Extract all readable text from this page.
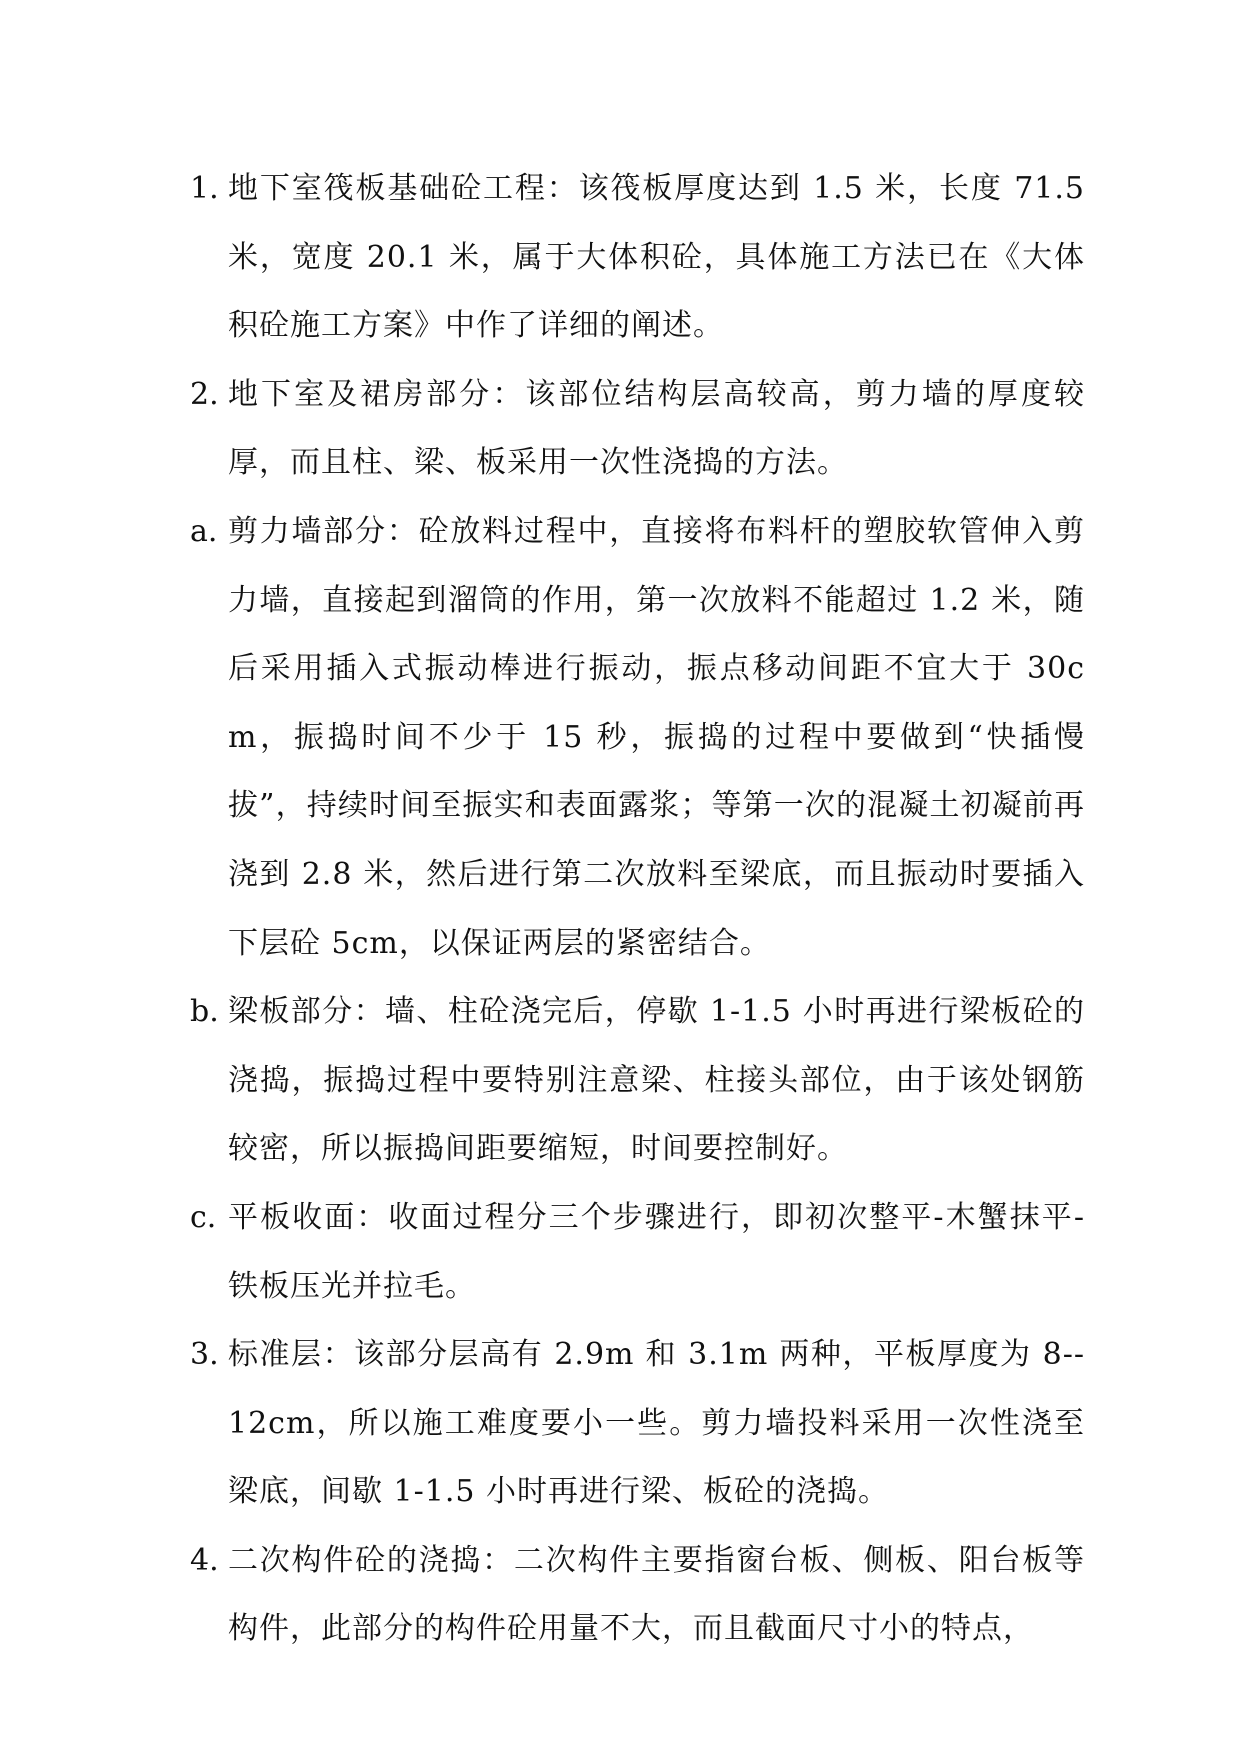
1. 地下室筏板基础砼工程：该筏板厚度达到 1.5 米，长度 71.5 米，宽度 20.1 米，属于大体积砼，具体施工方法已在《大体积砼施工方案》中作了详细的阐述。
2. 地下室及裙房部分：该部位结构层高较高，剪力墙的厚度较厚，而且柱、梁、板采用一次性浇捣的方法。
a. 剪力墙部分：砼放料过程中，直接将布料杆的塑胶软管伸入剪力墙，直接起到溜筒的作用，第一次放料不能超过 1.2 米，随后采用插入式振动棒进行振动，振点移动间距不宜大于 30cm，振捣时间不少于 15 秒，振捣的过程中要做到“快插慢拔”，持续时间至振实和表面露浆；等第一次的混凝土初凝前再浇到 2.8 米，然后进行第二次放料至梁底，而且振动时要插入下层砼 5cm，以保证两层的紧密结合。
b. 梁板部分：墙、柱砼浇完后，停歇 1-1.5 小时再进行梁板砼的浇捣，振捣过程中要特别注意梁、柱接头部位，由于该处钢筋较密，所以振捣间距要缩短，时间要控制好。
c. 平板收面：收面过程分三个步骤进行，即初次整平-木蟹抹平-铁板压光并拉毛。
3. 标准层：该部分层高有 2.9m 和 3.1m 两种，平板厚度为 8--12cm，所以施工难度要小一些。剪力墙投料采用一次性浇至梁底，间歇 1-1.5 小时再进行梁、板砼的浇捣。
4. 二次构件砼的浇捣：二次构件主要指窗台板、侧板、阳台板等构件，此部分的构件砼用量不大，而且截面尺寸小的特点，
